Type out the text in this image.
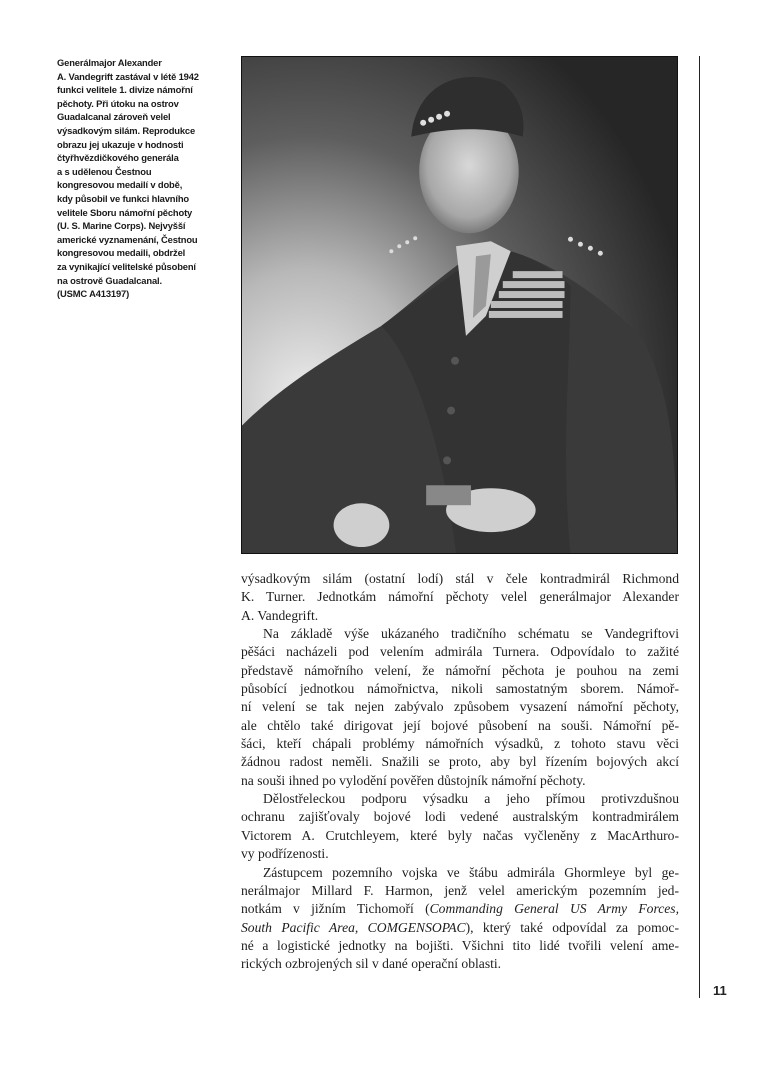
Generálmajor Alexander
A. Vandegrift zastával v létě 1942
funkci velitele 1. divize námořní
pěchoty. Při útoku na ostrov
Guadalcanal zároveň velel
výsadkovým silám. Reprodukce
obrazu jej ukazuje v hodnosti
čtyřhvězdičkového generála
a s udělenou Čestnou
kongresovou medailí v době,
kdy působil ve funkci hlavního
velitele Sboru námořní pěchoty
(U. S. Marine Corps). Nejvyšší
americké vyznamenání, Čestnou
kongresovou medaili, obdržel
za vynikající velitelské působení
na ostrově Guadalcanal.
(USMC A413197)

výsadkovým silám (ostatní lodí) stál v čele kontradmirál Richmond
K. Turner. Jednotkám námořní pěchoty velel generálmajor Alexander
A. Vandegrift.

Na základě výše ukázaného tradičního schématu se Vandegriftovi
pěšáci nacházeli pod velením admirála Turnera. Odpovídalo to zažité
představě námořního velení, že námořní pěchota je pouhou na zemi
působící jednotkou námořnictva, nikoli samostatným sborem. Námoř-
ní velení se tak nejen zabývalo způsobem vysazení námořní pěchoty,
ale chtělo také dirigovat její bojové působení na souši. Námořní pě-
šáci, kteří chápali problémy námořních výsadků, z tohoto stavu věci
žádnou radost neměli. Snažili se proto, aby byl řízením bojových akcí
na souši ihned po vylodění pověřen důstojník námořní pěchoty.

Dělostřeleckou podporu výsadku a jeho přímou protivzdušnou
ochranu zajišťovaly bojové lodi vedené australským kontradmirálem
Victorem A. Crutchleyem, které byly načas vyčleněny z MacArthuro-
vy podřízenosti.

Zástupcem pozemního vojska ve štábu admirála Ghormleye byl ge-
nerálmajor Millard F. Harmon, jenž velel americkým pozemním jed-
notkám v jižním Tichomoří (Commanding General US Army Forces,
South Pacific Area, COMGENSOPAC), který také odpovídal za pomoc-
né a logistické jednotky na bojišti. Všichni tito lidé tvořili velení ame-
rických ozbrojených sil v dané operační oblasti.

11
